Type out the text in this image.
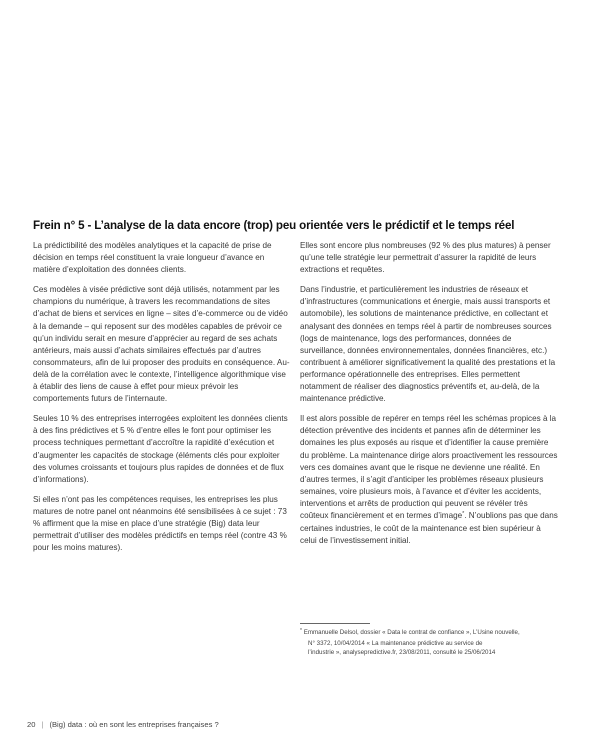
Frein n° 5 - L’analyse de la data encore (trop) peu orientée vers le prédictif et le temps réel

La prédictibilité des modèles analytiques et la capacité de prise de décision en temps réel constituent la vraie longueur d’avance en matière d’exploitation des données clients.

Ces modèles à visée prédictive sont déjà utilisés, notamment par les champions du numérique, à travers les recommandations de sites d’achat de biens et services en ligne – sites d’e-commerce ou de vidéo à la demande – qui reposent sur des modèles capables de prévoir ce qu’un individu serait en mesure d’apprécier au regard de ses achats antérieurs, mais aussi d’achats similaires effectués par d’autres consommateurs, afin de lui proposer des produits en conséquence. Au-delà de la corrélation avec le contexte, l’intelligence algorithmique vise à établir des liens de cause à effet pour mieux prévoir les comportements futurs de l’internaute.

Seules 10 % des entreprises interrogées exploitent les données clients à des fins prédictives et 5 % d’entre elles le font pour optimiser les process techniques permettant d’accroître la rapidité d’exécution et d’augmenter les capacités de stockage (éléments clés pour exploiter des volumes croissants et toujours plus rapides de données et de flux d’informations).

Si elles n’ont pas les compétences requises, les entreprises les plus matures de notre panel ont néanmoins été sensibilisées à ce sujet : 73 % affirment que la mise en place d’une stratégie (Big) data leur permettrait d’utiliser des modèles prédictifs en temps réel (contre 43 % pour les moins matures).

Elles sont encore plus nombreuses (92 % des plus matures) à penser qu’une telle stratégie leur permettrait d’assurer la rapidité de leurs extractions et requêtes.

Dans l’industrie, et particulièrement les industries de réseaux et d’infrastructures (communications et énergie, mais aussi transports et automobile), les solutions de maintenance prédictive, en collectant et analysant des données en temps réel à partir de nombreuses sources (logs de maintenance, logs des performances, données de surveillance, données environnementales, données financières, etc.) contribuent à améliorer significativement la qualité des prestations et la performance opérationnelle des entreprises. Elles permettent notamment de réaliser des diagnostics préventifs et, au-delà, de la maintenance prédictive.

Il est alors possible de repérer en temps réel les schémas propices à la détection préventive des incidents et pannes afin de déterminer les domaines les plus exposés au risque et d’identifier la cause première du problème. La maintenance dirige alors proactivement les ressources vers ces domaines avant que le risque ne devienne une réalité. En d’autres termes, il s’agit d’anticiper les problèmes réseaux plusieurs semaines, voire plusieurs mois, à l’avance et d’éviter les accidents, interventions et arrêts de production qui peuvent se révéler très coûteux financièrement et en termes d’image*. N’oublions pas que dans certaines industries, le coût de la maintenance est bien supérieur à celui de l’investissement initial.

* Emmanuelle Delsol, dossier « Data le contrat de confiance », L’Usine nouvelle,
N° 3372, 10/04/2014 « La maintenance prédictive au service de
l’industrie », analysepredictive.fr, 23/08/2011, consulté le 25/06/2014
20 | (Big) data : où en sont les entreprises françaises ?
